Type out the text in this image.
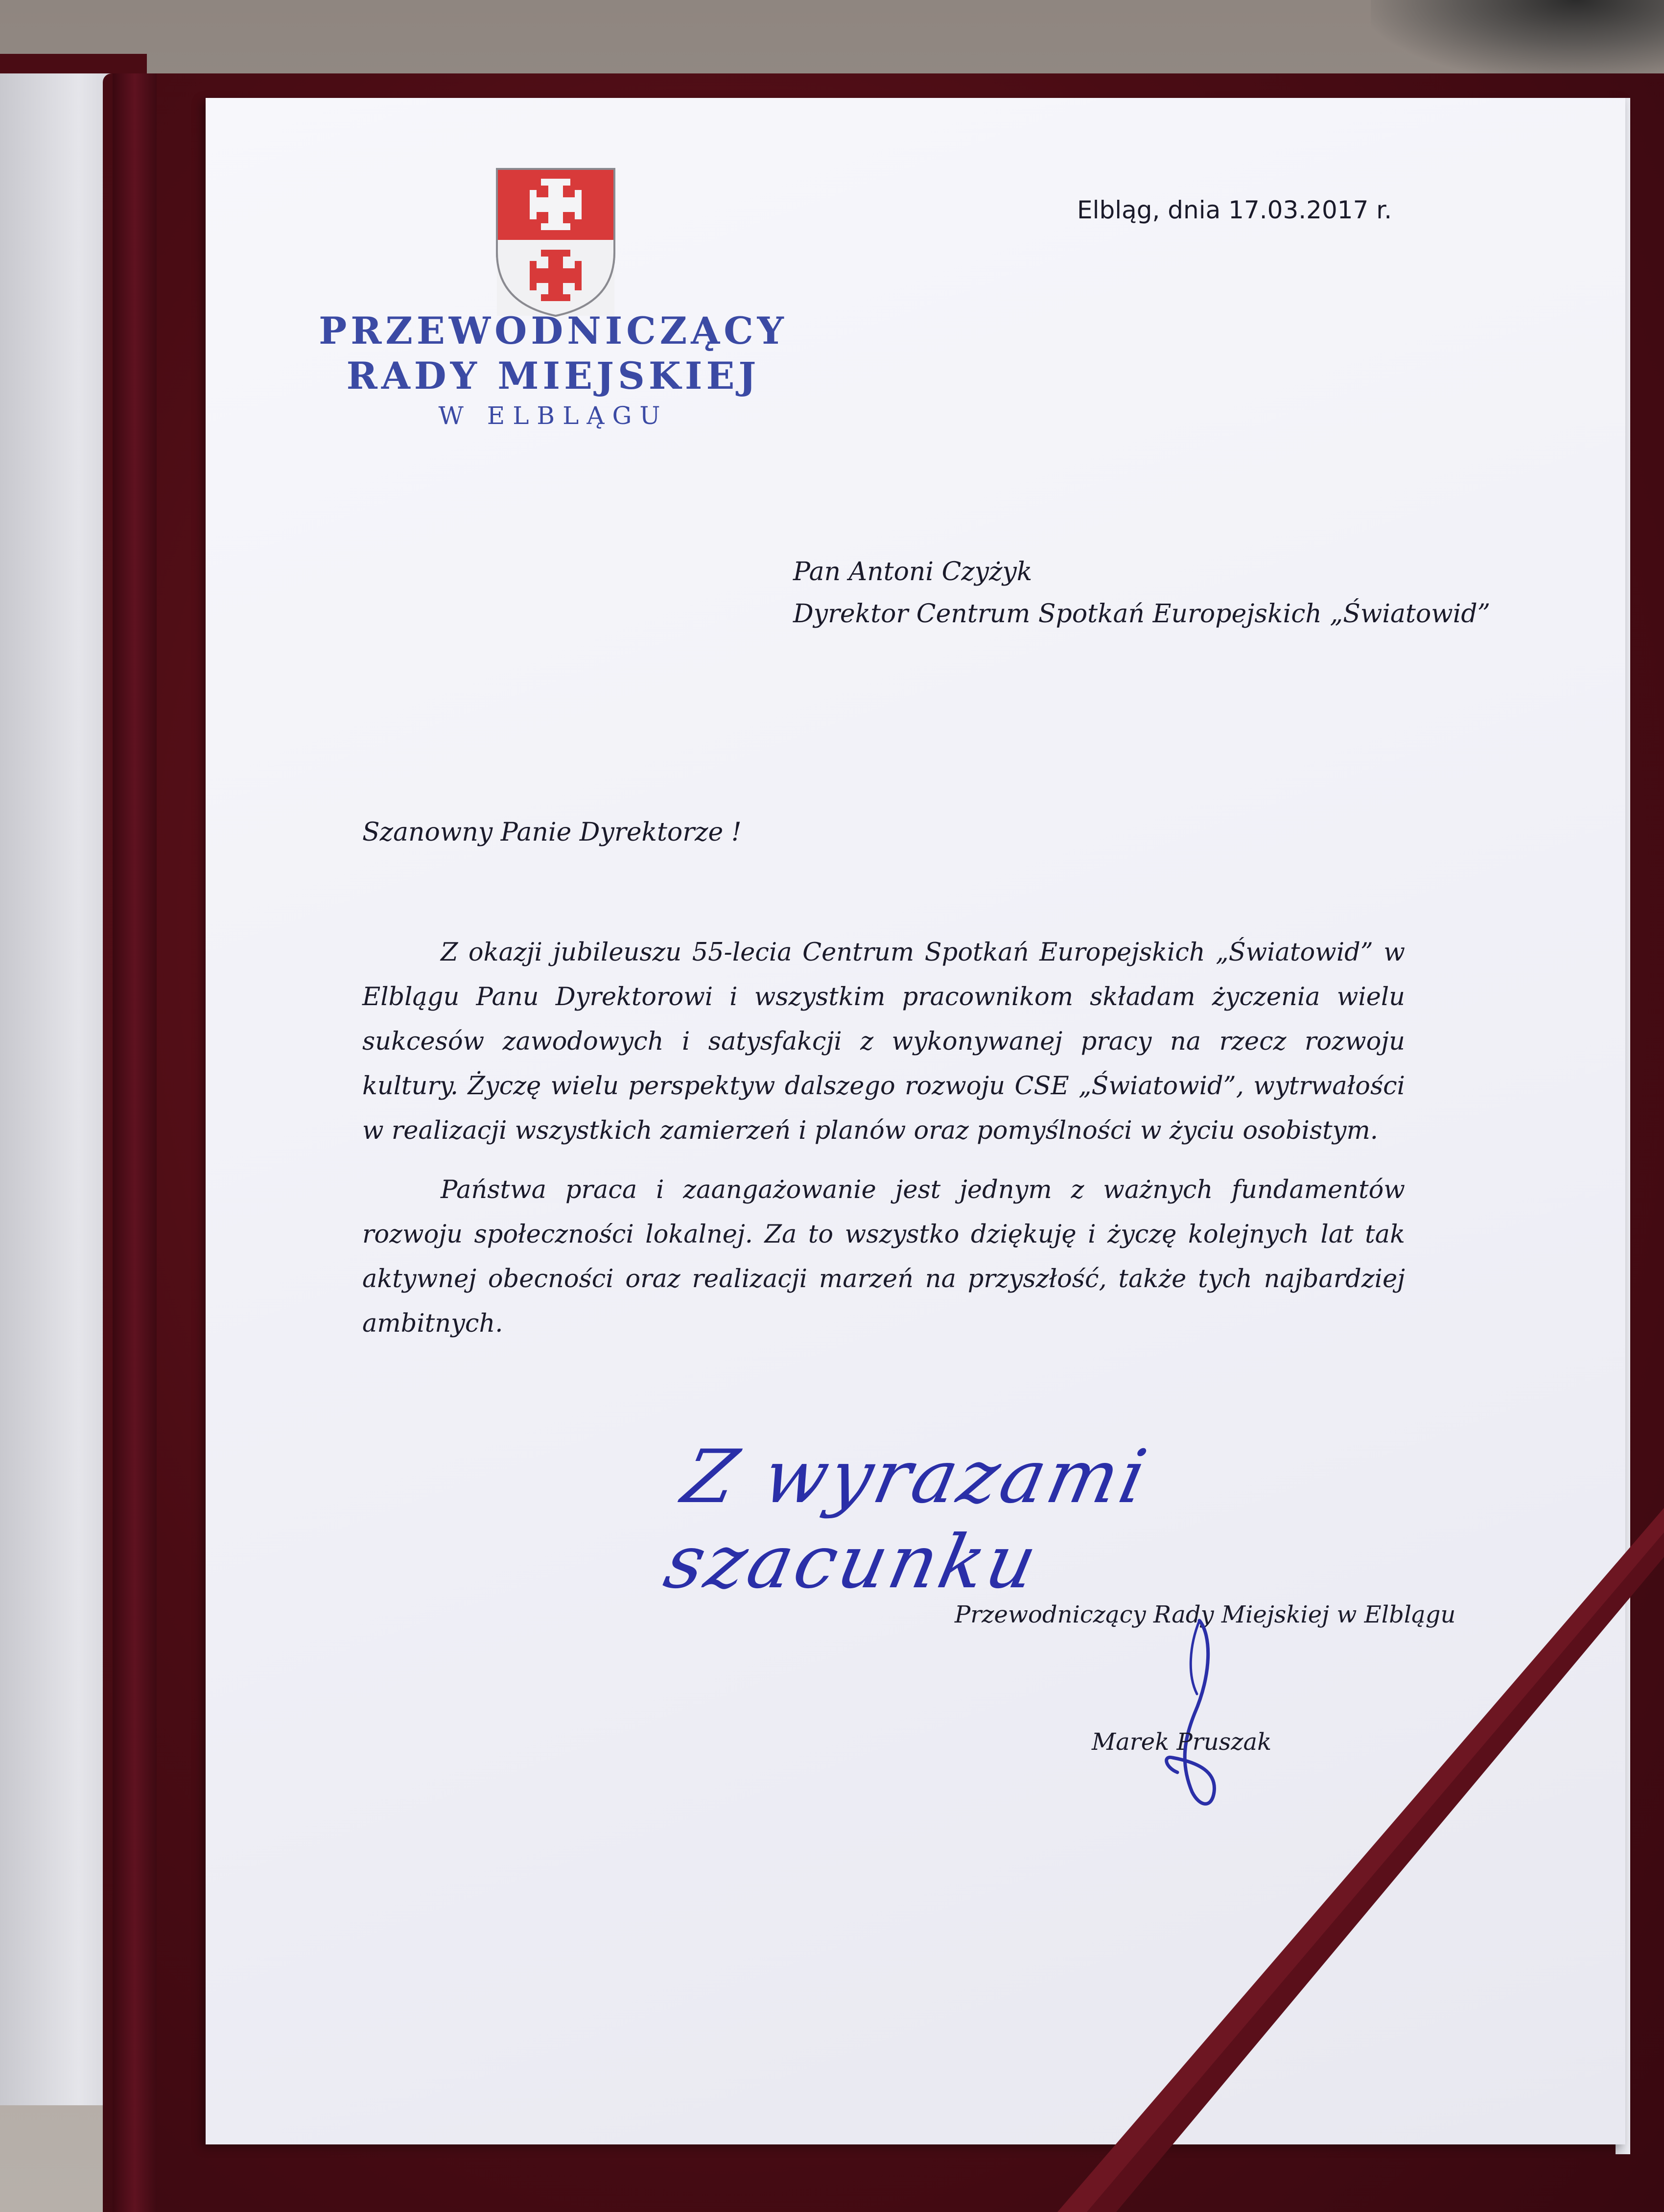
PRZEWODNICZĄCY
RADY MIEJSKIEJ
W ELBLĄGU
Elbląg, dnia 17.03.2017 r.
Pan Antoni Czyżyk
Dyrektor Centrum Spotkań Europejskich „Światowid”
Szanowny Panie Dyrektorze !
Z okazji jubileuszu 55-lecia Centrum Spotkań Europejskich „Światowid” w Elblągu Panu Dyrektorowi i wszystkim pracownikom składam życzenia wielu sukcesów zawodowych i satysfakcji z wykonywanej pracy na rzecz rozwoju kultury. Życzę wielu perspektyw dalszego rozwoju CSE „Światowid”, wytrwałości w realizacji wszystkich zamierzeń i planów oraz pomyślności w życiu osobistym.
Państwa praca i zaangażowanie jest jednym z ważnych fundamentów rozwoju społeczności lokalnej. Za to wszystko dziękuję i życzę kolejnych lat tak aktywnej obecności oraz realizacji marzeń na przyszłość, także tych najbardziej ambitnych.
Z wyrazami szacunku
Przewodniczący Rady Miejskiej w Elblągu
Marek Pruszak
